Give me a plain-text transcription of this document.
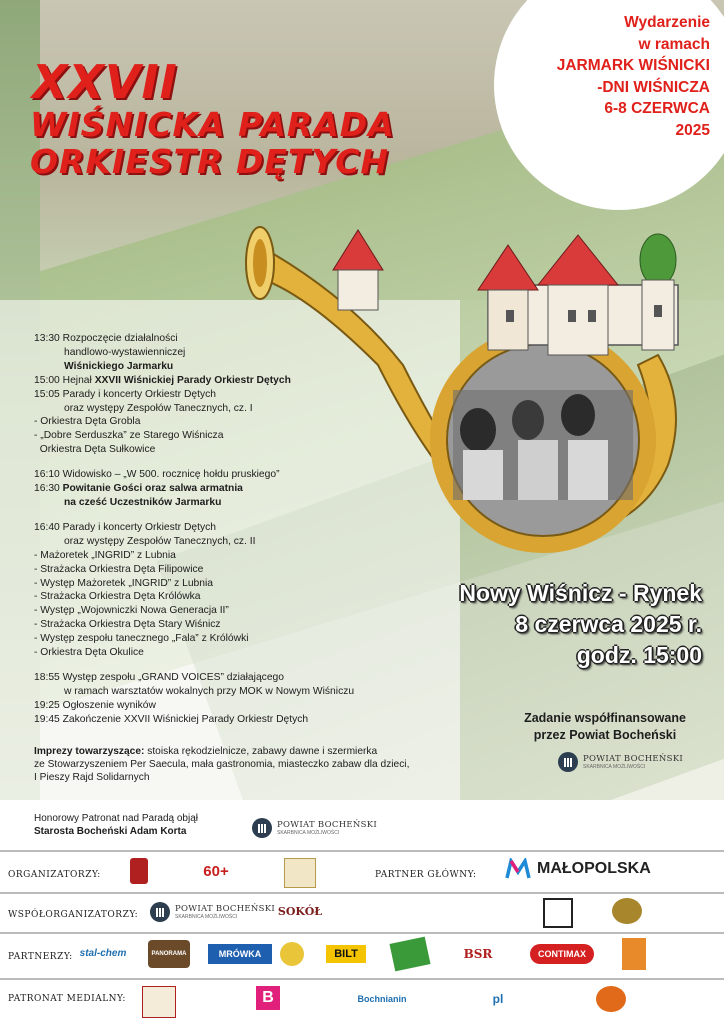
Wydarzenie
w ramach
JARMARK WIŚNICKI
-DNI WIŚNICZA
6-8 CZERWCA
2025
XXVII
WIŚNICKA PARADA
ORKIESTR DĘTYCH
13:30 Rozpoczęcie działalności
handlowo-wystawienniczej
Wiśnickiego Jarmarku
15:00 Hejnał XXVII Wiśnickiej Parady Orkiestr Dętych
15:05 Parady i koncerty Orkiestr Dętych
oraz występy Zespołów Tanecznych, cz. I
- Orkiestra Dęta Grobla
- „Dobre Serduszka” ze Starego Wiśnicza
Orkiestra Dęta Sułkowice
16:10 Widowisko – „W 500. rocznicę hołdu pruskiego”
16:30 Powitanie Gości oraz salwa armatnia
na cześć Uczestników Jarmarku
16:40 Parady i koncerty Orkiestr Dętych
oraz występy Zespołów Tanecznych, cz. II
- Mażoretek „INGRID” z Lubnia
- Strażacka Orkiestra Dęta Filipowice
- Występ Mażoretek „INGRID” z Lubnia
- Strażacka Orkiestra Dęta Królówka
- Występ „Wojowniczki Nowa Generacja II”
- Strażacka Orkiestra Dęta Stary Wiśnicz
- Występ zespołu tanecznego „Fala” z Królówki
- Orkiestra Dęta Okulice
18:55 Występ zespołu „GRAND VOICES” działającego
w ramach warsztatów wokalnych przy MOK w Nowym Wiśniczu
19:25 Ogłoszenie wyników
19:45 Zakończenie XXVII Wiśnickiej Parady Orkiestr Dętych
Nowy Wiśnicz - Rynek
8 czerwca 2025 r.
godz. 15:00
Zadanie współfinansowane
przez Powiat Bocheński
POWIAT BOCHEŃSKI
SKARBNICA MOŻLIWOŚCI
Imprezy towarzyszące: stoiska rękodzielnicze, zabawy dawne i szermierka
ze Stowarzyszeniem Per Saecula, mała gastronomia, miasteczko zabaw dla dzieci,
I Pieszy Rajd Solidarnych
Honorowy Patronat nad Paradą objął
Starosta Bocheński Adam Korta
POWIAT BOCHEŃSKI
SKARBNICA MOŻLIWOŚCI
ORGANIZATORZY:	60+	PARTNER GŁÓWNY:	MAŁOPOLSKA
WSPÓŁORGANIZATORZY:
POWIAT BOCHEŃSKI
SKARBNICA MOŻLIWOŚCI	SOKÓŁ
PARTNERZY: stal-chem	PANORAMA	MRÓWKA	BILT	BSR	CONTIMAX
PATRONAT MEDIALNY:	B	Bochnianin	pl
